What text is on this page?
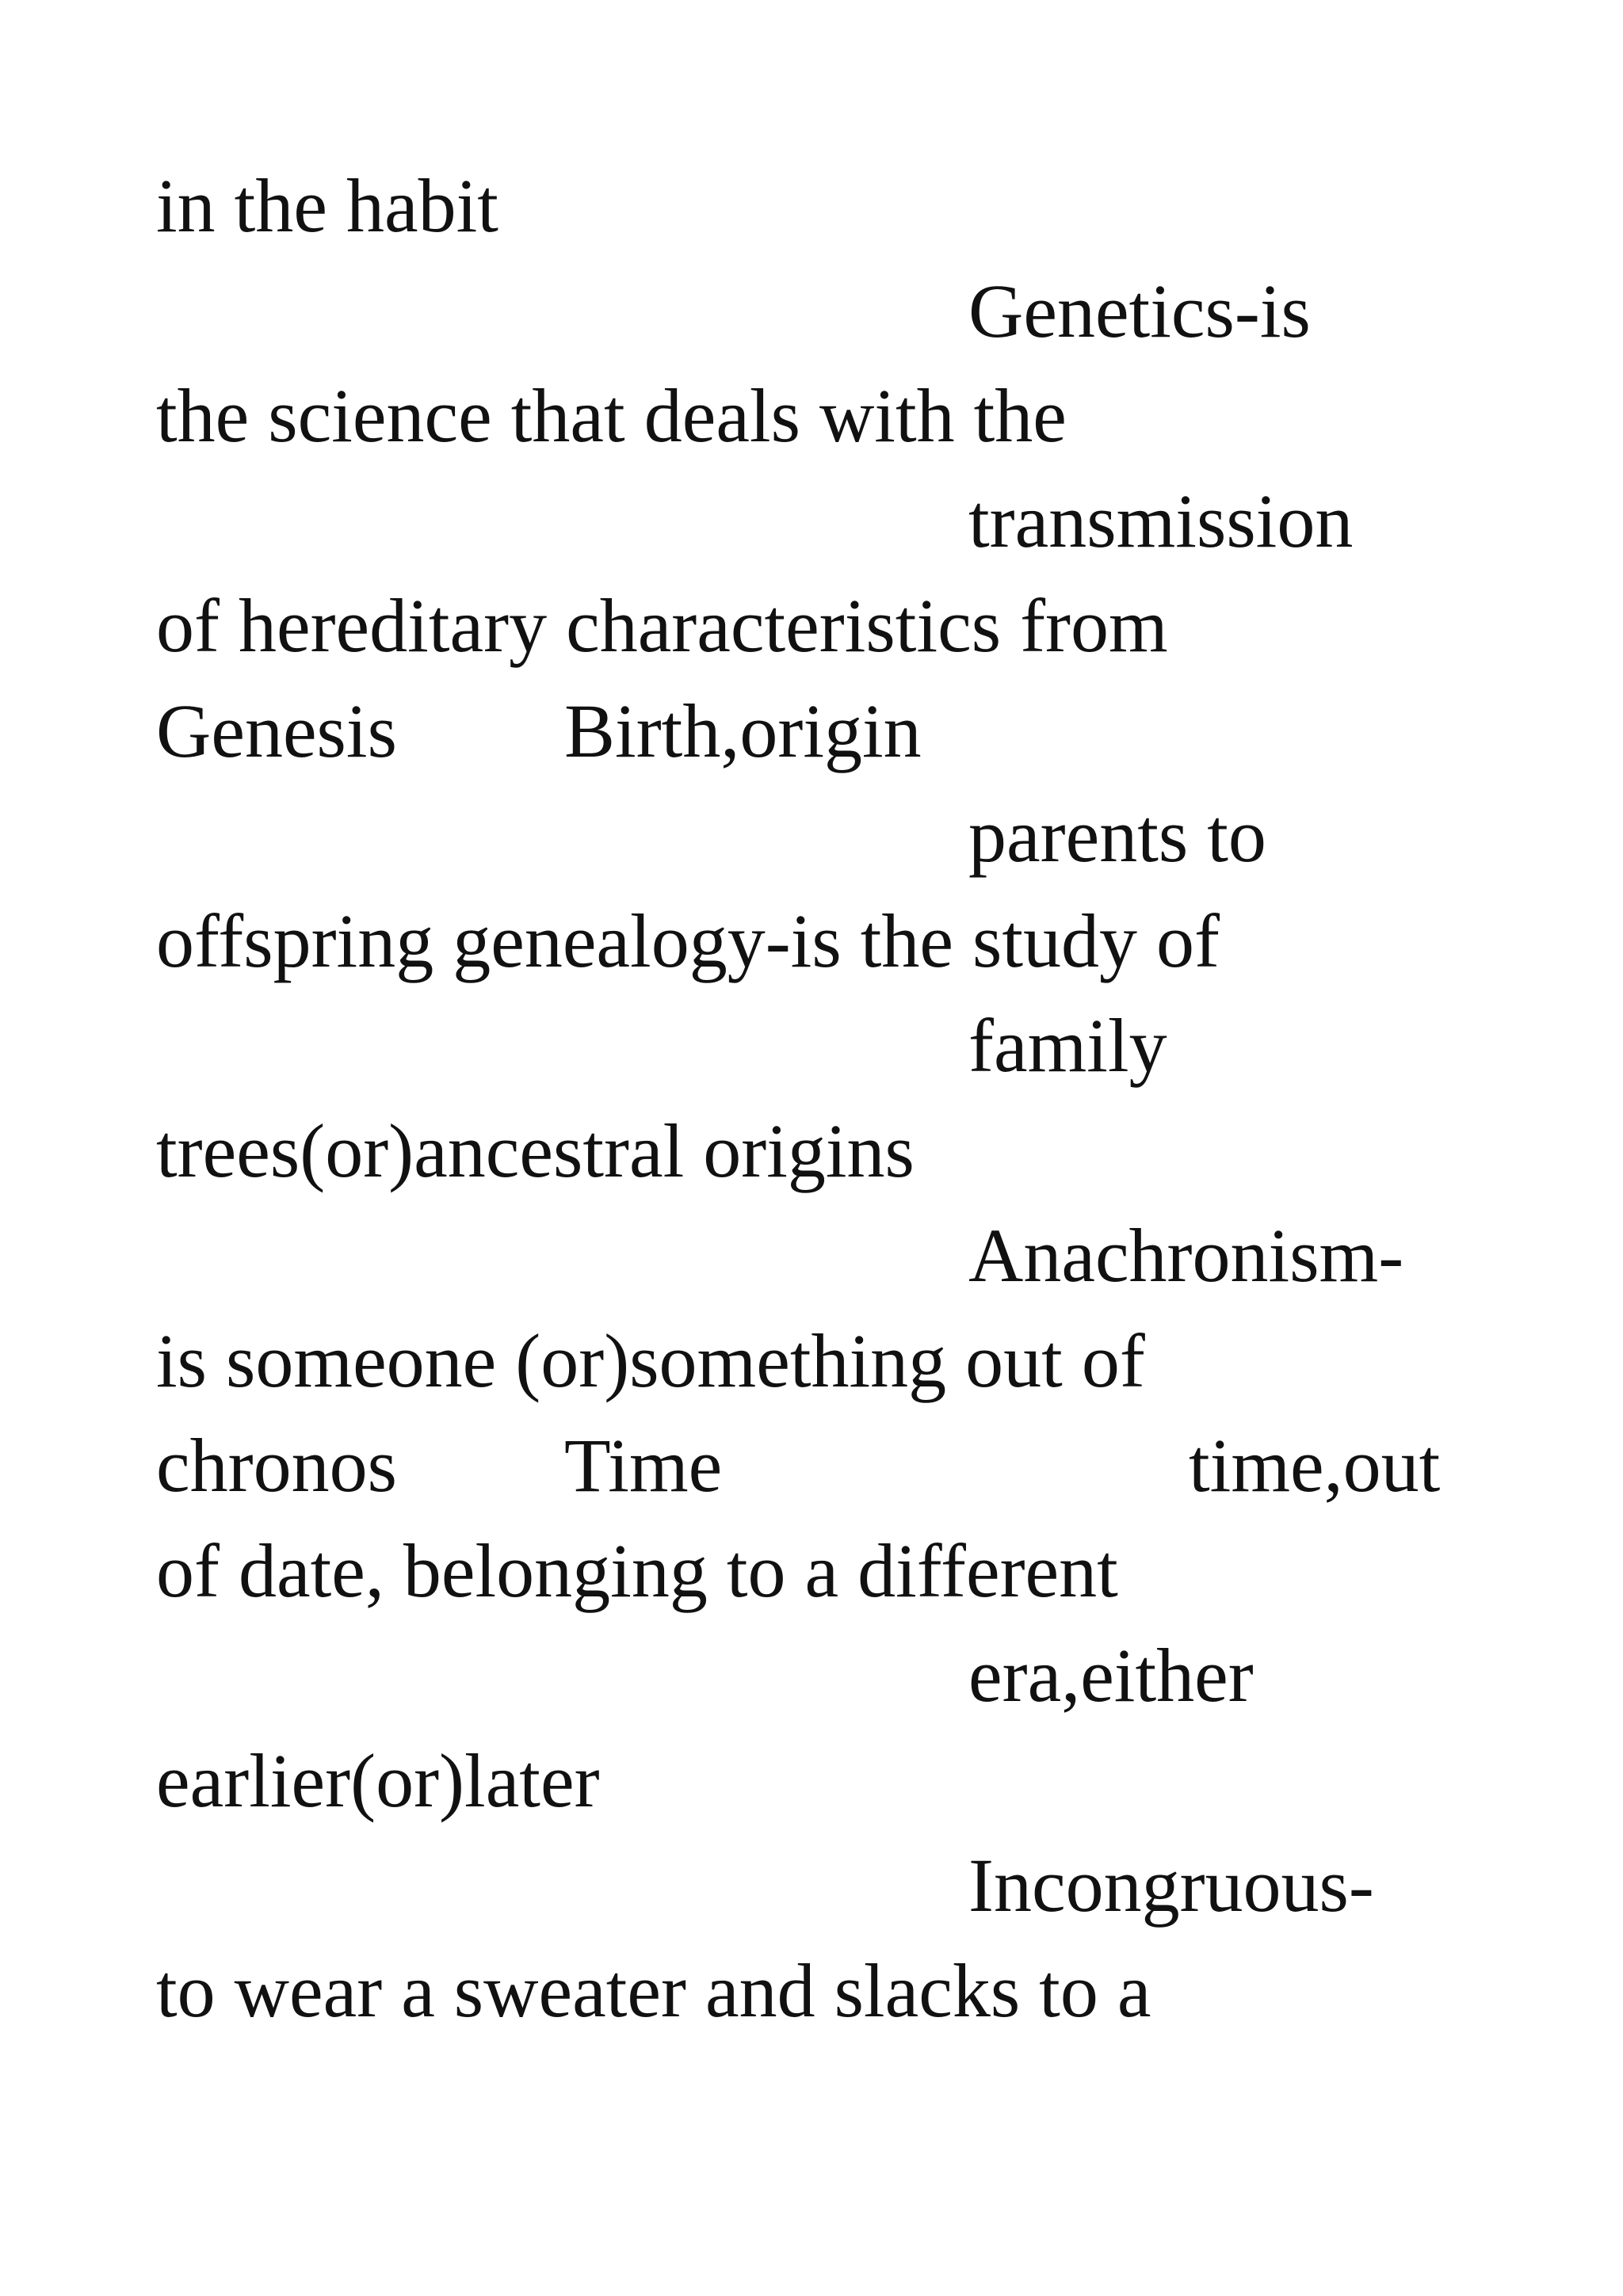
in the habit

Genetics-is

the science that deals with the

transmission

of hereditary characteristics from

Genesis Birth,origin

parents to

offspring genealogy-is the study of

family

trees(or)ancestral origins

Anachronism-

is someone (or)something out of

chronos Time	time,out

of date, belonging to a different

era,either

earlier(or)later

Incongruous-

to wear a sweater and slacks to a
